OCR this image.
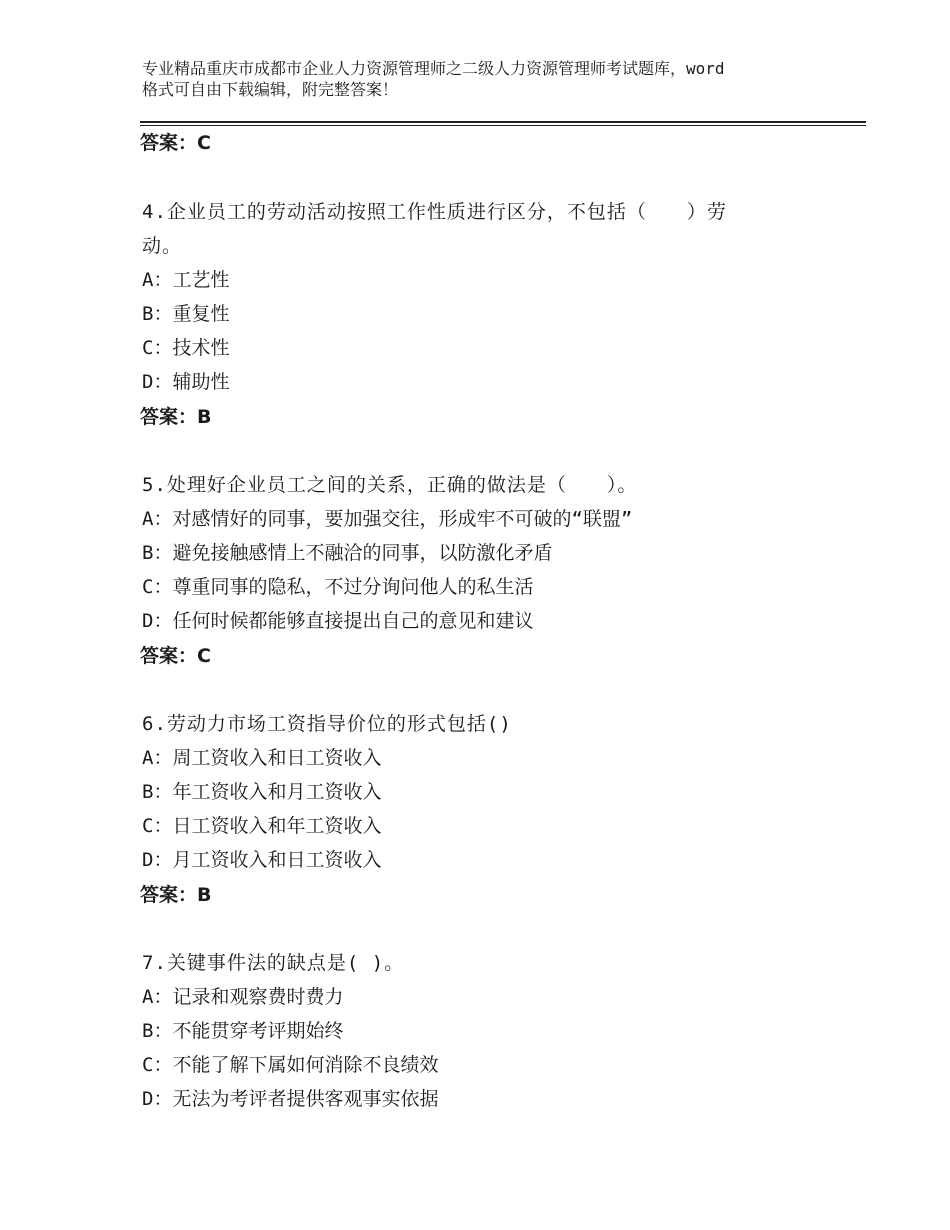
专业精品重庆市成都市企业人力资源管理师之二级人力资源管理师考试题库，word
格式可自由下载编辑，附完整答案！
答案：C
4.企业员工的劳动活动按照工作性质进行区分，不包括（　　）劳
动。
A：工艺性
B：重复性
C：技术性
D：辅助性
答案：B
5.处理好企业员工之间的关系，正确的做法是（　　）。
A：对感情好的同事，要加强交往，形成牢不可破的“联盟”
B：避免接触感情上不融洽的同事，以防激化矛盾
C：尊重同事的隐私，不过分询问他人的私生活
D：任何时候都能够直接提出自己的意见和建议
答案：C
6.劳动力市场工资指导价位的形式包括()
A：周工资收入和日工资收入
B：年工资收入和月工资收入
C：日工资收入和年工资收入
D：月工资收入和日工资收入
答案：B
7.关键事件法的缺点是( )。
A：记录和观察费时费力
B：不能贯穿考评期始终
C：不能了解下属如何消除不良绩效
D：无法为考评者提供客观事实依据
